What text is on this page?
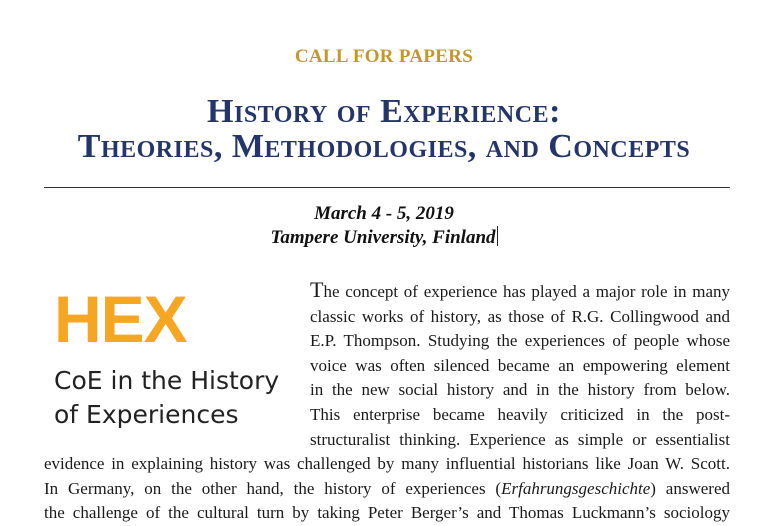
CALL FOR PAPERS
History of Experience:
Theories, Methodologies, and Concepts
March 4 - 5, 2019
Tampere University, Finland
HEX
CoE in the History
of Experiences
The concept of experience has played a major role in many
classic works of history, as those of R.G. Collingwood and
E.P. Thompson. Studying the experiences of people whose
voice was often silenced became an empowering element
in the new social history and in the history from below.
This enterprise became heavily criticized in the post-
structuralist thinking. Experience as simple or essentialist
evidence in explaining history was challenged by many influential historians like Joan W. Scott.
In Germany, on the other hand, the history of experiences (Erfahrungsgeschichte) answered
the challenge of the cultural turn by taking Peter Berger’s and Thomas Luckmann’s sociology
